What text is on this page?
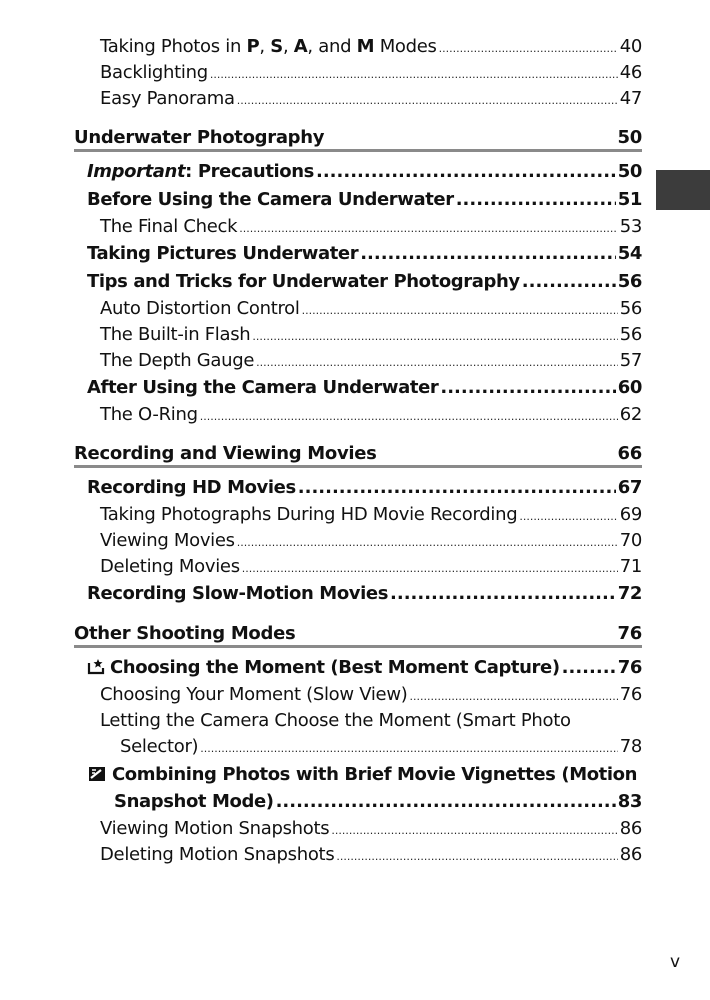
Taking Photos in P, S, A, and M Modes .....	40
Backlighting .....	46
Easy Panorama .....	47
Underwater Photography	50
Important: Precautions .....	50
Before Using the Camera Underwater .....	51
The Final Check .....	53
Taking Pictures Underwater .....	54
Tips and Tricks for Underwater Photography .....	56
Auto Distortion Control .....	56
The Built-in Flash .....	56
The Depth Gauge .....	57
After Using the Camera Underwater .....	60
The O-Ring .....	62
Recording and Viewing Movies	66
Recording HD Movies .....	67
Taking Photographs During HD Movie Recording .....	69
Viewing Movies .....	70
Deleting Movies .....	71
Recording Slow-Motion Movies .....	72
Other Shooting Modes	76
Choosing the Moment (Best Moment Capture) .....	76
Choosing Your Moment (Slow View) .....	76
Letting the Camera Choose the Moment (Smart Photo
Selector) .....	78
Combining Photos with Brief Movie Vignettes (Motion
Snapshot Mode) .....	83
Viewing Motion Snapshots .....	86
Deleting Motion Snapshots .....	86
v
